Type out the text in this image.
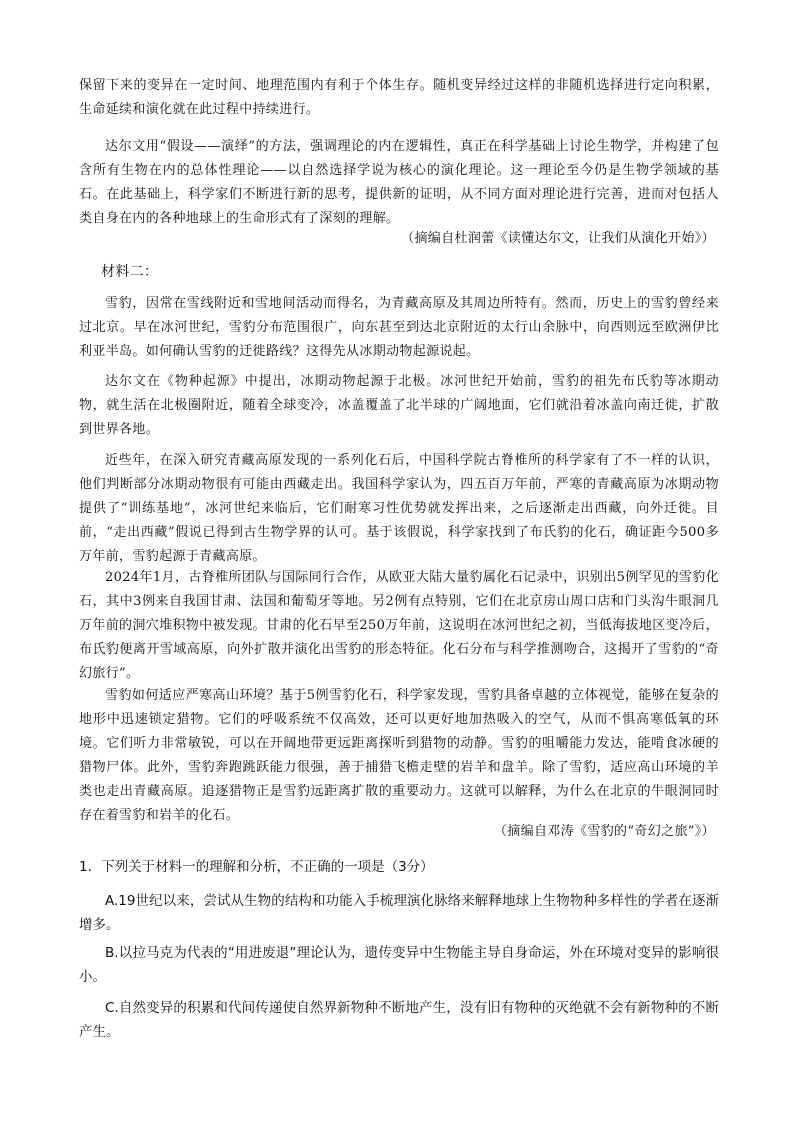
保留下来的变异在一定时间、地理范围内有利于个体生存。随机变异经过这样的非随机选择进行定向积累，生命延续和演化就在此过程中持续进行。

达尔文用“假设——演绎”的方法，强调理论的内在逻辑性，真正在科学基础上讨论生物学，并构建了包含所有生物在内的总体性理论——以自然选择学说为核心的演化理论。这一理论至今仍是生物学领域的基石。在此基础上，科学家们不断进行新的思考，提供新的证明，从不同方面对理论进行完善，进而对包括人类自身在内的各种地球上的生命形式有了深刻的理解。

（摘编自杜润蕾《读懂达尔文，让我们从演化开始》）

材料二：

雪豹，因常在雪线附近和雪地间活动而得名，为青藏高原及其周边所特有。然而，历史上的雪豹曾经来过北京。早在冰河世纪，雪豹分布范围很广，向东甚至到达北京附近的太行山余脉中，向西则远至欧洲伊比利亚半岛。如何确认雪豹的迁徙路线？这得先从冰期动物起源说起。

达尔文在《物种起源》中提出，冰期动物起源于北极。冰河世纪开始前，雪豹的祖先布氏豹等冰期动物，就生活在北极圈附近，随着全球变冷，冰盖覆盖了北半球的广阔地面，它们就沿着冰盖向南迁徙，扩散到世界各地。

近些年，在深入研究青藏高原发现的一系列化石后，中国科学院古脊椎所的科学家有了不一样的认识，他们判断部分冰期动物很有可能由西藏走出。我国科学家认为，四五百万年前，严寒的青藏高原为冰期动物提供了“训练基地”，冰河世纪来临后，它们耐寒习性优势就发挥出来，之后逐渐走出西藏，向外迁徙。目前，“走出西藏”假说已得到古生物学界的认可。基于该假说，科学家找到了布氏豹的化石，确证距今500多万年前，雪豹起源于青藏高原。

2024年1月，古脊椎所团队与国际同行合作，从欧亚大陆大量豹属化石记录中，识别出5例罕见的雪豹化石，其中3例来自我国甘肃、法国和葡萄牙等地。另2例有点特别，它们在北京房山周口店和门头沟牛眼洞几万年前的洞穴堆积物中被发现。甘肃的化石早至250万年前，这说明在冰河世纪之初，当低海拔地区变冷后，布氏豹便离开雪域高原，向外扩散并演化出雪豹的形态特征。化石分布与科学推测吻合，这揭开了雪豹的“奇幻旅行”。

雪豹如何适应严寒高山环境？基于5例雪豹化石，科学家发现，雪豹具备卓越的立体视觉，能够在复杂的地形中迅速锁定猎物。它们的呼吸系统不仅高效，还可以更好地加热吸入的空气，从而不惧高寒低氧的环境。它们听力非常敏锐，可以在开阔地带更远距离探听到猎物的动静。雪豹的咀嚼能力发达，能啃食冰硬的猎物尸体。此外，雪豹奔跑跳跃能力很强，善于捕猎飞檐走壁的岩羊和盘羊。除了雪豹，适应高山环境的羊类也走出青藏高原。追逐猎物正是雪豹远距离扩散的重要动力。这就可以解释，为什么在北京的牛眼洞同时存在着雪豹和岩羊的化石。

（摘编自邓涛《雪豹的“奇幻之旅”》）

1．下列关于材料一的理解和分析，不正确的一项是（3分）

A.19世纪以来，尝试从生物的结构和功能入手梳理演化脉络来解释地球上生物物种多样性的学者在逐渐增多。

B.以拉马克为代表的“用进废退”理论认为，遗传变异中生物能主导自身命运，外在环境对变异的影响很小。

C.自然变异的积累和代间传递使自然界新物种不断地产生，没有旧有物种的灭绝就不会有新物种的不断产生。
